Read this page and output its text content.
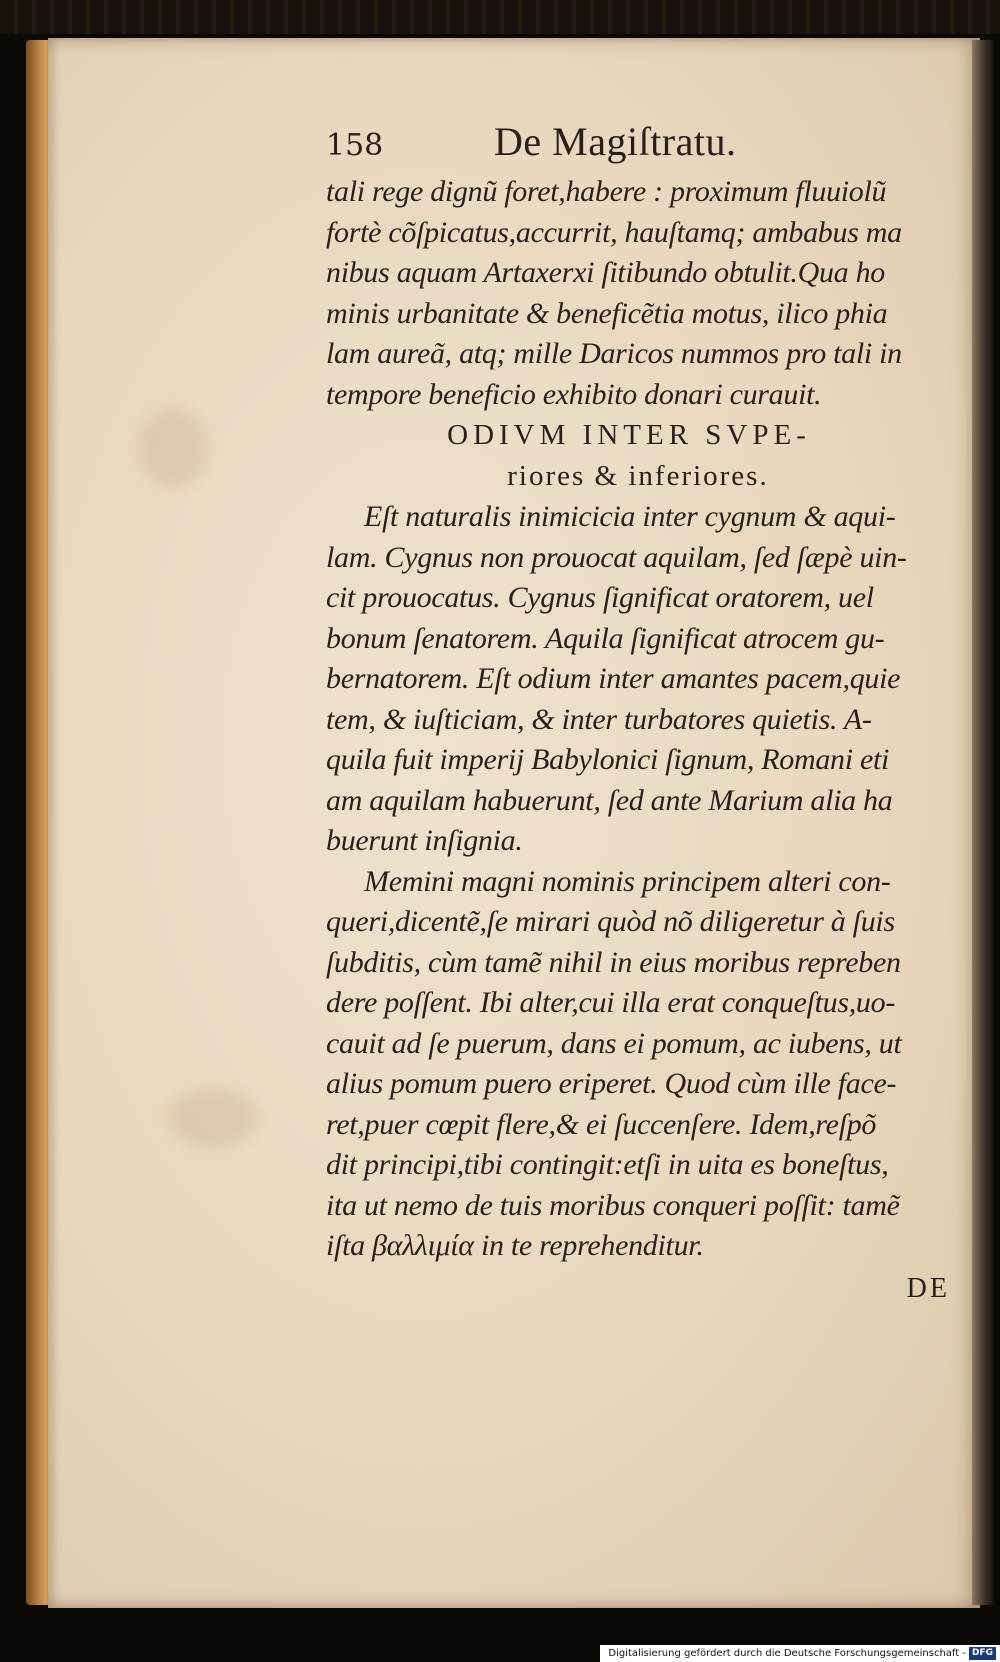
158	De Magiſtratu.
tali rege dignũ foret,habere : proximum fluuiolũ
fortè cõſpicatus,accurrit, hauſtamq; ambabus ma
nibus aquam Artaxerxi ſitibundo obtulit.Qua ho
minis urbanitate & beneficẽtia motus, ilico phia
lam aureã, atq; mille Daricos nummos pro tali in
tempore beneficio exhibito donari curauit.
ODIVM INTER SVPE-
riores & inferiores.
Eſt naturalis inimicicia inter cygnum & aqui-
lam. Cygnus non prouocat aquilam, ſed ſæpè uin-
cit prouocatus. Cygnus ſignificat oratorem, uel
bonum ſenatorem. Aquila ſignificat atrocem gu-
bernatorem. Eſt odium inter amantes pacem,quie
tem, & iuſticiam, & inter turbatores quietis. A-
quila fuit imperij Babylonici ſignum, Romani eti
am aquilam habuerunt, ſed ante Marium alia ha
buerunt inſignia.
Memini magni nominis principem alteri con-
queri,dicentẽ,ſe mirari quòd nõ diligeretur à ſuis
ſubditis, cùm tamẽ nihil in eius moribus repreben
dere poſſent. Ibi alter,cui illa erat conqueſtus,uo-
cauit ad ſe puerum, dans ei pomum, ac iubens, ut
alius pomum puero eriperet. Quod cùm ille face-
ret,puer cœpit flere,& ei ſuccenſere. Idem,reſpõ
dit principi,tibi contingit:etſi in uita es boneſtus,
ita ut nemo de tuis moribus conqueri poſſit: tamẽ
iſta βαλλιμία in te reprehenditur.
DE
Digitalisierung gefördert durch die Deutsche Forschungsgemeinschaft - DFG
